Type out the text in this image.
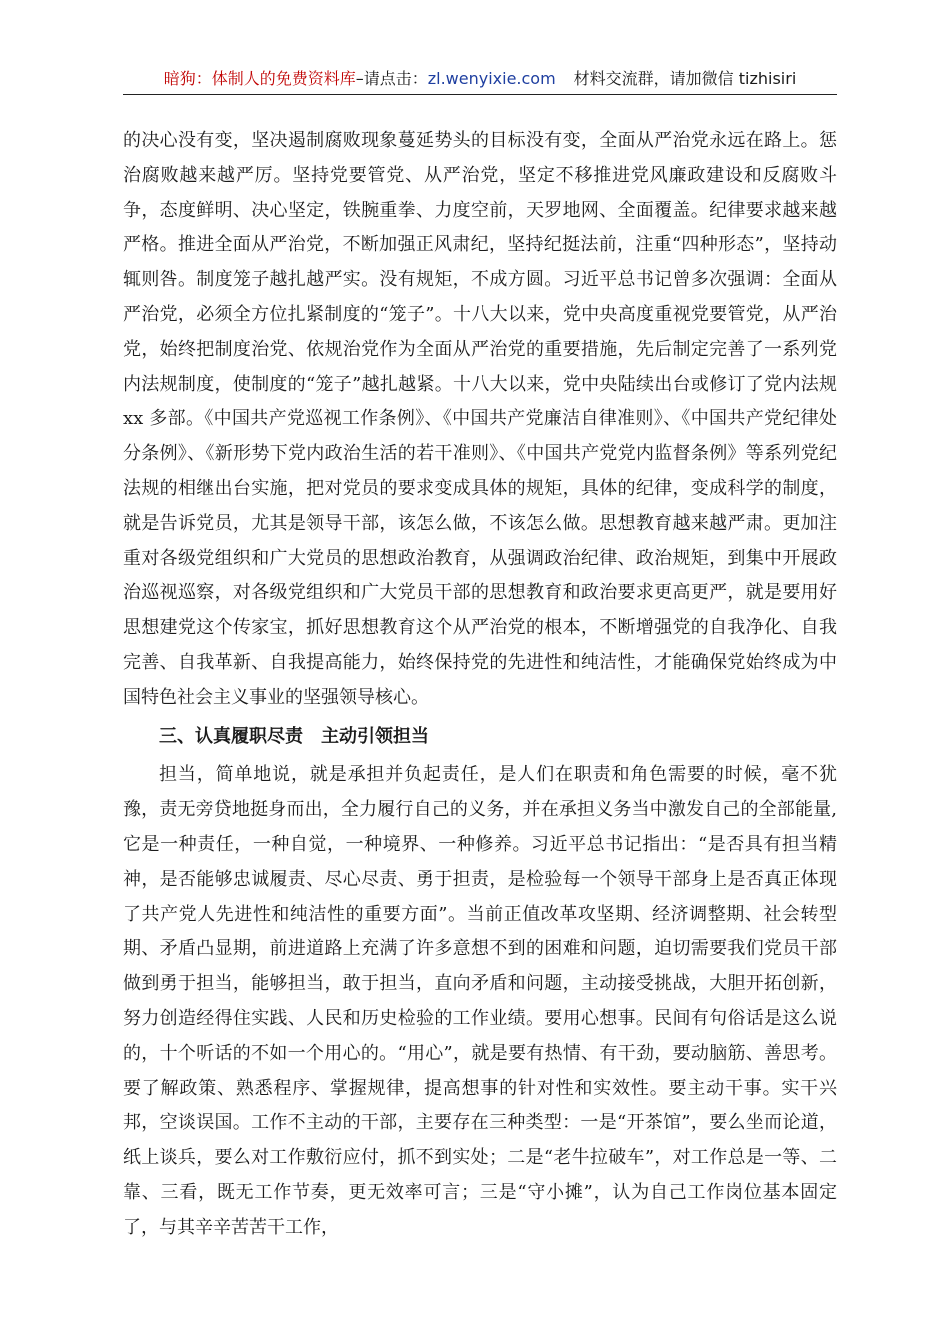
暗狗：体制人的免费资料库–请点击：zl.wenyixie.com 材料交流群，请加微信 tizhisiri

的决心没有变，坚决遏制腐败现象蔓延势头的目标没有变，全面从严治党永远在路上。惩治腐败越来越严厉。坚持党要管党、从严治党，坚定不移推进党风廉政建设和反腐败斗争，态度鲜明、决心坚定，铁腕重拳、力度空前，天罗地网、全面覆盖。纪律要求越来越严格。推进全面从严治党，不断加强正风肃纪，坚持纪挺法前，注重“四种形态”，坚持动辄则咎。制度笼子越扎越严实。没有规矩，不成方圆。习近平总书记曾多次强调：全面从严治党，必须全方位扎紧制度的“笼子”。十八大以来，党中央高度重视党要管党，从严治党，始终把制度治党、依规治党作为全面从严治党的重要措施，先后制定完善了一系列党内法规制度，使制度的“笼子”越扎越紧。十八大以来，党中央陆续出台或修订了党内法规 xx 多部。《中国共产党巡视工作条例》、《中国共产党廉洁自律准则》、《中国共产党纪律处分条例》、《新形势下党内政治生活的若干准则》、《中国共产党党内监督条例》等系列党纪法规的相继出台实施，把对党员的要求变成具体的规矩，具体的纪律，变成科学的制度，就是告诉党员，尤其是领导干部，该怎么做，不该怎么做。思想教育越来越严肃。更加注重对各级党组织和广大党员的思想政治教育，从强调政治纪律、政治规矩，到集中开展政治巡视巡察，对各级党组织和广大党员干部的思想教育和政治要求更高更严，就是要用好思想建党这个传家宝，抓好思想教育这个从严治党的根本，不断增强党的自我净化、自我完善、自我革新、自我提高能力，始终保持党的先进性和纯洁性，才能确保党始终成为中国特色社会主义事业的坚强领导核心。

三、认真履职尽责　主动引领担当

担当，简单地说，就是承担并负起责任，是人们在职责和角色需要的时候，毫不犹豫，责无旁贷地挺身而出，全力履行自己的义务，并在承担义务当中激发自己的全部能量,它是一种责任，一种自觉，一种境界、一种修养。习近平总书记指出：“是否具有担当精神，是否能够忠诚履责、尽心尽责、勇于担责，是检验每一个领导干部身上是否真正体现了共产党人先进性和纯洁性的重要方面”。当前正值改革攻坚期、经济调整期、社会转型期、矛盾凸显期，前进道路上充满了许多意想不到的困难和问题，迫切需要我们党员干部做到勇于担当，能够担当，敢于担当，直向矛盾和问题，主动接受挑战，大胆开拓创新，努力创造经得住实践、人民和历史检验的工作业绩。要用心想事。民间有句俗话是这么说的，十个听话的不如一个用心的。“用心”，就是要有热情、有干劲，要动脑筋、善思考。要了解政策、熟悉程序、掌握规律，提高想事的针对性和实效性。要主动干事。实干兴邦，空谈误国。工作不主动的干部，主要存在三种类型：一是“开茶馆”，要么坐而论道，纸上谈兵，要么对工作敷衍应付，抓不到实处；二是“老牛拉破车”，对工作总是一等、二靠、三看，既无工作节奏，更无效率可言；三是“守小摊”，认为自己工作岗位基本固定了，与其辛辛苦苦干工作，
